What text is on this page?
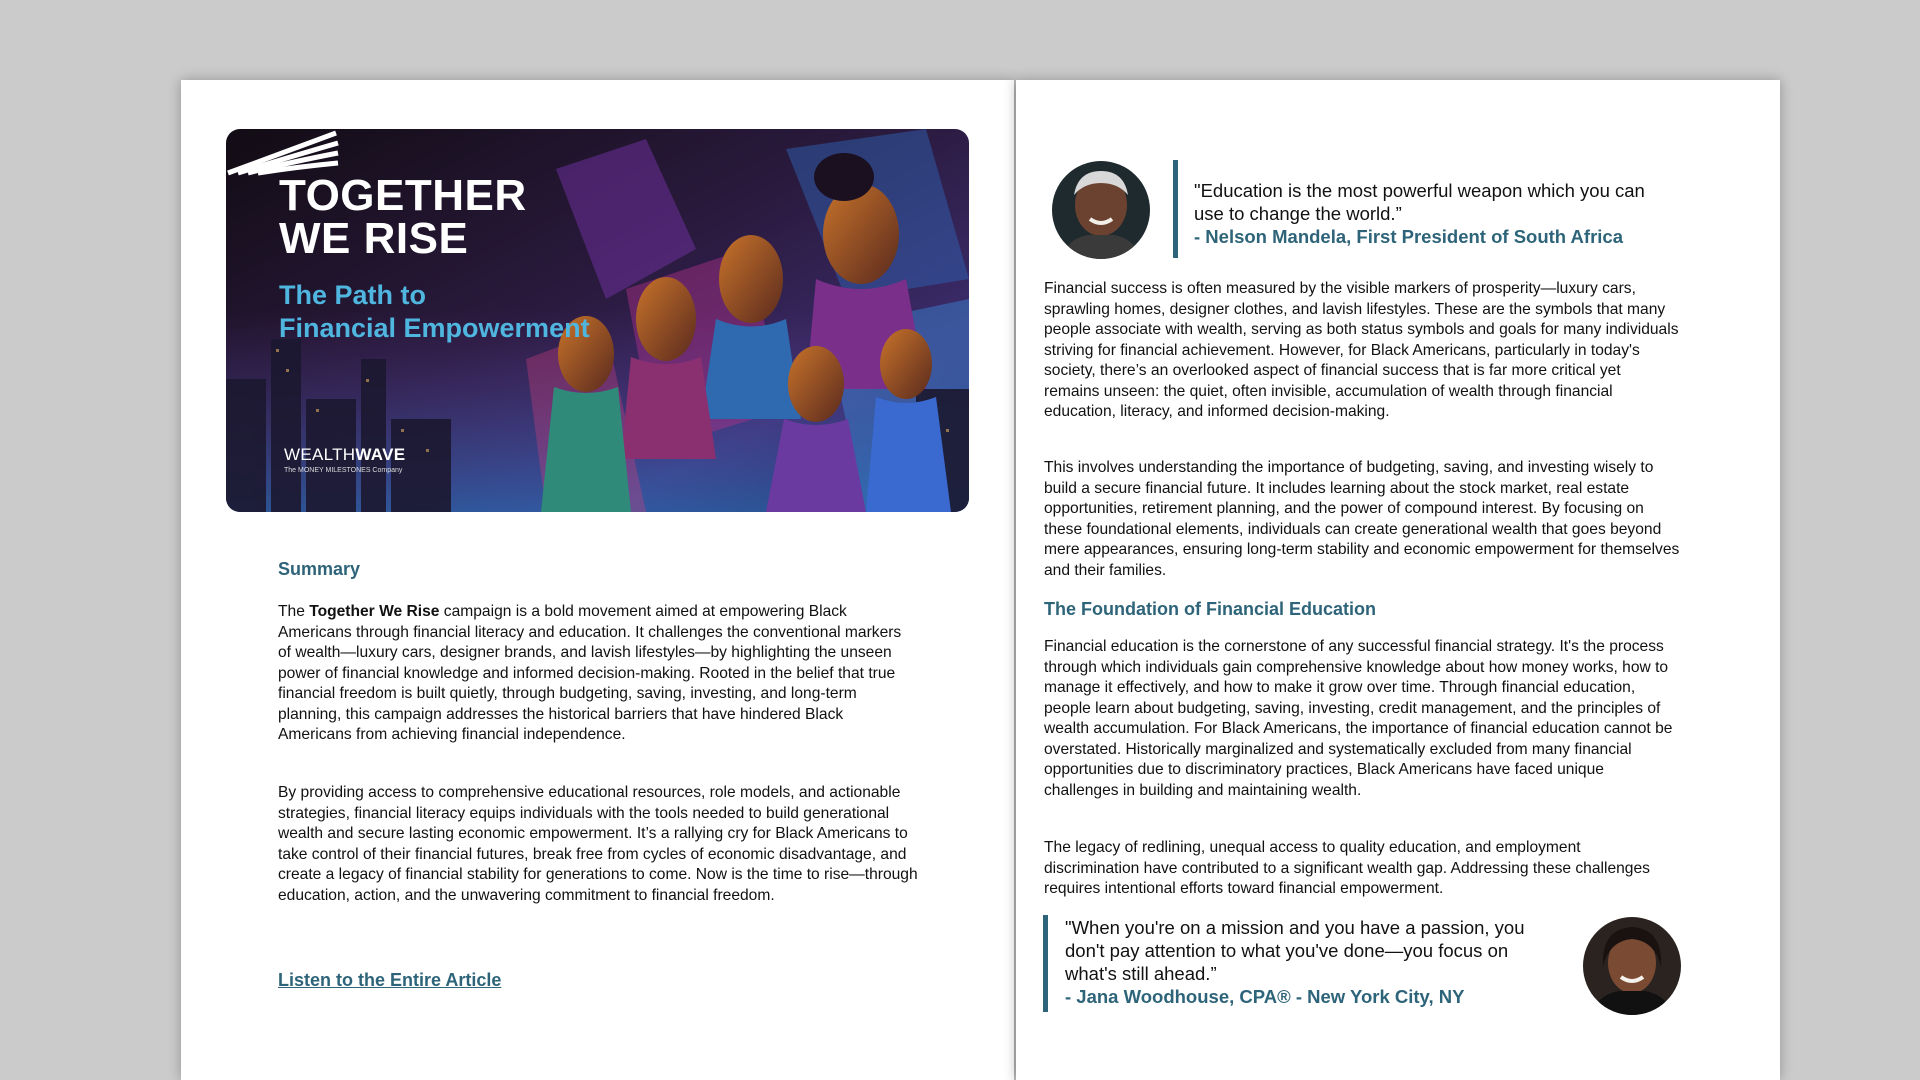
TOGETHER
WE RISE
The Path to
Financial Empowerment
WEALTHWAVE
The MONEY MILESTONES Company
Summary

The Together We Rise campaign is a bold movement aimed at empowering Black Americans through financial literacy and education. It challenges the conventional markers of wealth—luxury cars, designer brands, and lavish lifestyles—by highlighting the unseen power of financial knowledge and informed decision-making. Rooted in the belief that true financial freedom is built quietly, through budgeting, saving, investing, and long-term planning, this campaign addresses the historical barriers that have hindered Black Americans from achieving financial independence.

By providing access to comprehensive educational resources, role models, and actionable strategies, financial literacy equips individuals with the tools needed to build generational wealth and secure lasting economic empowerment. It’s a rallying cry for Black Americans to take control of their financial futures, break free from cycles of economic disadvantage, and create a legacy of financial stability for generations to come. Now is the time to rise—through education, action, and the unwavering commitment to financial freedom.

Listen to the Entire Article

"Education is the most powerful weapon which you can use to change the world.”
- Nelson Mandela, First President of South Africa

Financial success is often measured by the visible markers of prosperity—luxury cars, sprawling homes, designer clothes, and lavish lifestyles. These are the symbols that many people associate with wealth, serving as both status symbols and goals for many individuals striving for financial achievement. However, for Black Americans, particularly in today's society, there’s an overlooked aspect of financial success that is far more critical yet remains unseen: the quiet, often invisible, accumulation of wealth through financial education, literacy, and informed decision-making.

This involves understanding the importance of budgeting, saving, and investing wisely to build a secure financial future. It includes learning about the stock market, real estate opportunities, retirement planning, and the power of compound interest. By focusing on these foundational elements, individuals can create generational wealth that goes beyond mere appearances, ensuring long-term stability and economic empowerment for themselves and their families.

The Foundation of Financial Education

Financial education is the cornerstone of any successful financial strategy. It's the process through which individuals gain comprehensive knowledge about how money works, how to manage it effectively, and how to make it grow over time. Through financial education, people learn about budgeting, saving, investing, credit management, and the principles of wealth accumulation. For Black Americans, the importance of financial education cannot be overstated. Historically marginalized and systematically excluded from many financial opportunities due to discriminatory practices, Black Americans have faced unique challenges in building and maintaining wealth.

The legacy of redlining, unequal access to quality education, and employment discrimination have contributed to a significant wealth gap. Addressing these challenges requires intentional efforts toward financial empowerment.

"When you're on a mission and you have a passion, you don't pay attention to what you've done—you focus on what's still ahead.”
- Jana Woodhouse, CPA® - New York City, NY
